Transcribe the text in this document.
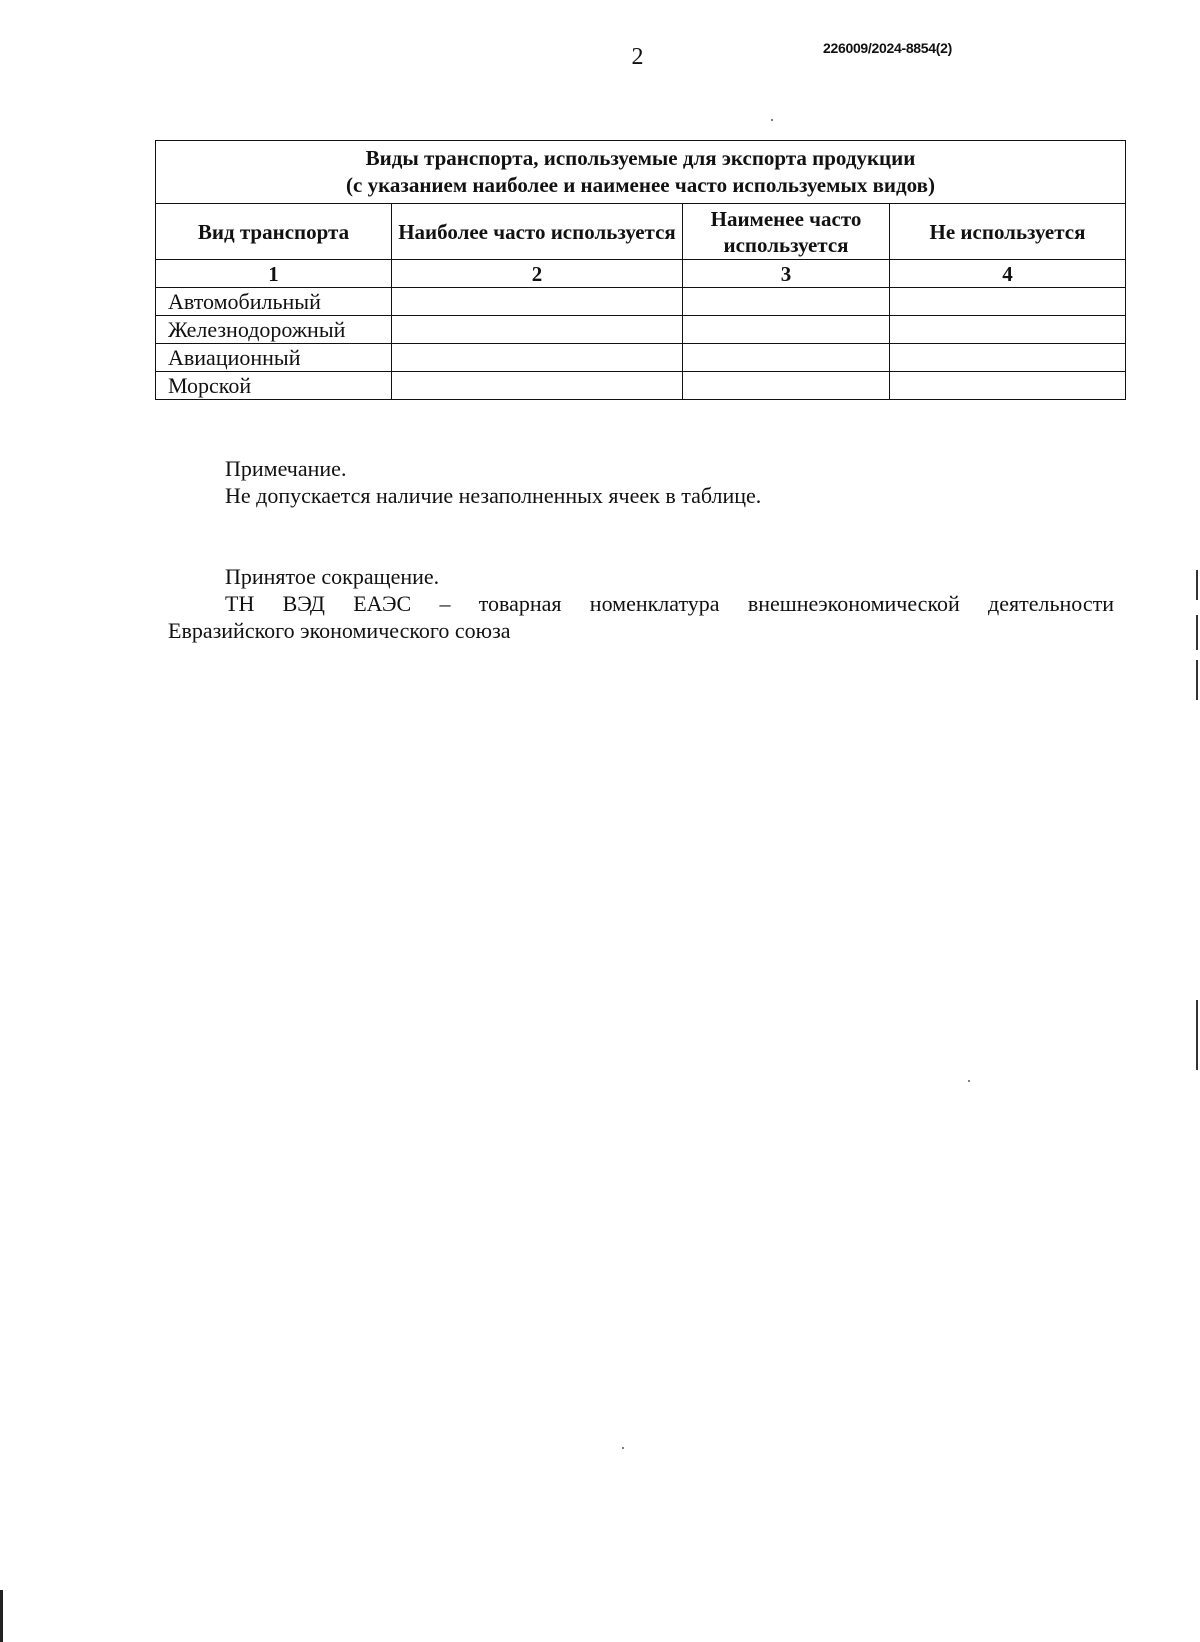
2	226009/2024-8854(2)
Виды транспорта, используемые для экспорта продукции
(с указанием наиболее и наименее часто используемых видов)			

Вид транспорта	Наиболее часто используется	Наименее часто используется	Не используется
1	2	3	4
Автомобильный			
Железнодорожный			
Авиационный			
Морской			
Примечание.
Не допускается наличие незаполненных ячеек в таблице.
Принятое сокращение.
ТН ВЭД ЕАЭС – товарная номенклатура внешнеэкономической деятельности
Евразийского экономического союза
